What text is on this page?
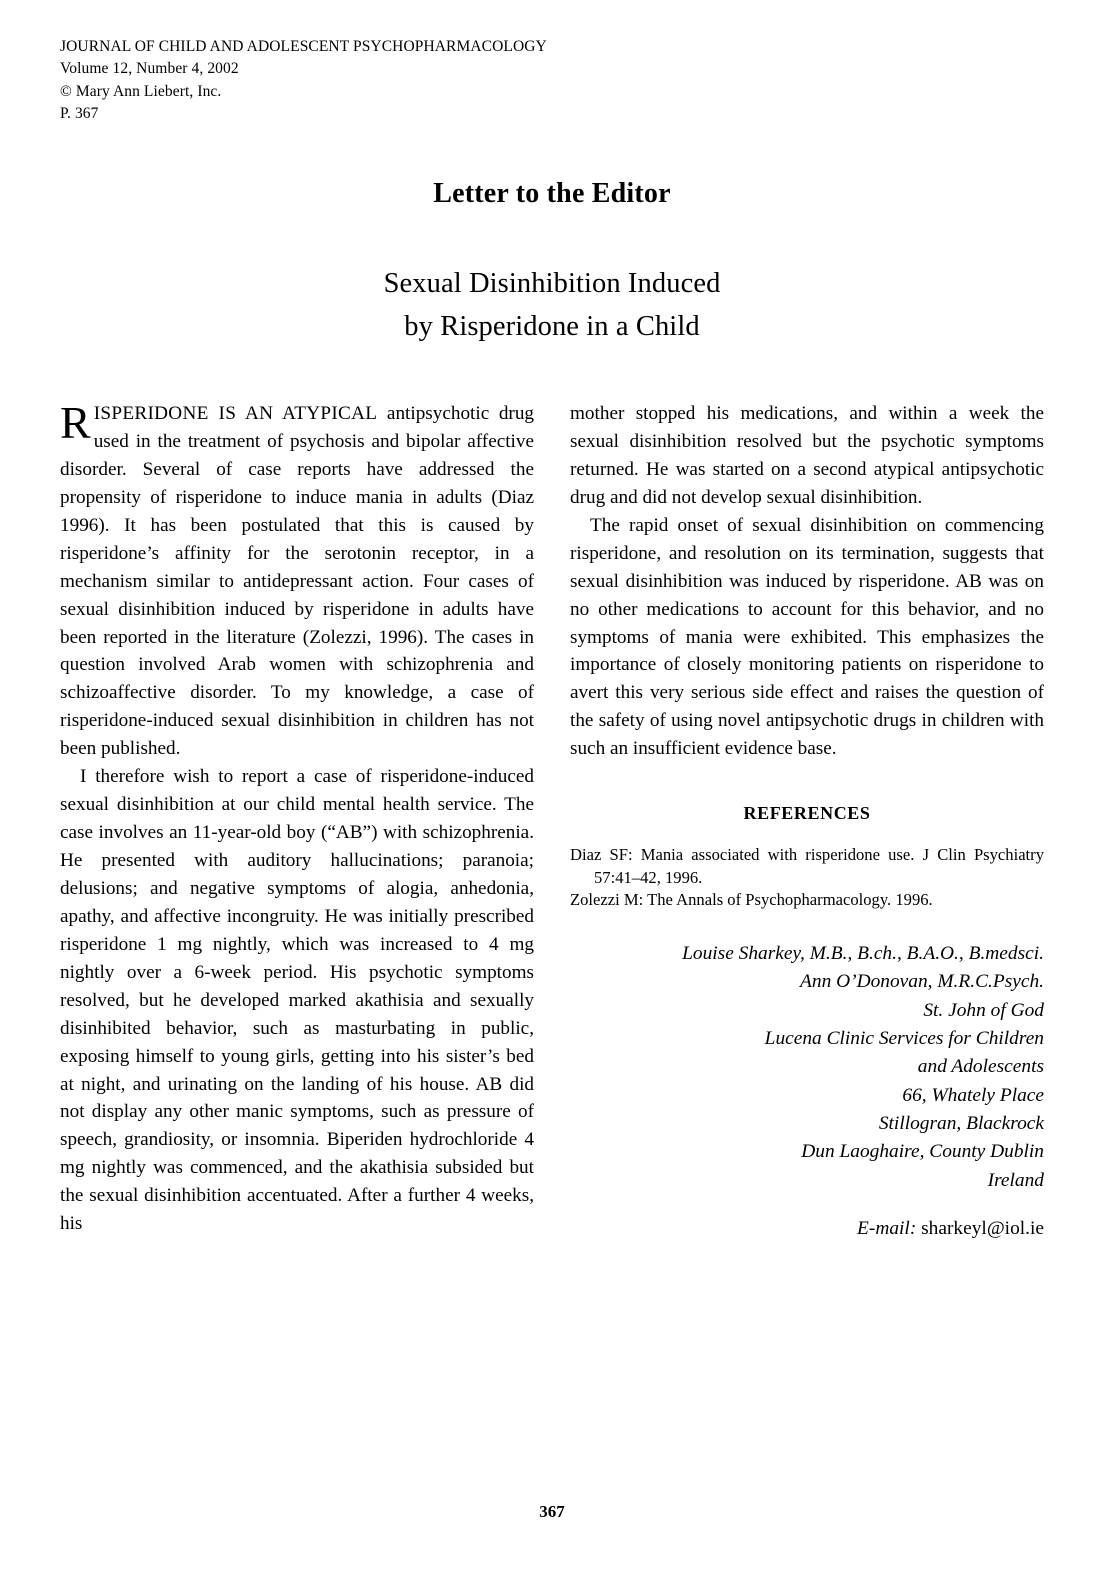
JOURNAL OF CHILD AND ADOLESCENT PSYCHOPHARMACOLOGY
Volume 12, Number 4, 2002
© Mary Ann Liebert, Inc.
P. 367
Letter to the Editor
Sexual Disinhibition Induced
by Risperidone in a Child

RISPERIDONE IS AN ATYPICAL antipsychotic drug used in the treatment of psychosis and bipolar affective disorder. Several of case reports have addressed the propensity of risperidone to induce mania in adults (Diaz 1996). It has been postulated that this is caused by risperidone’s affinity for the serotonin receptor, in a mechanism similar to antidepressant action. Four cases of sexual disinhibition induced by risperidone in adults have been reported in the literature (Zolezzi, 1996). The cases in question involved Arab women with schizophrenia and schizoaffective disorder. To my knowledge, a case of risperidone-induced sexual disinhibition in children has not been published.

I therefore wish to report a case of risperidone-induced sexual disinhibition at our child mental health service. The case involves an 11-year-old boy (“AB”) with schizophrenia. He presented with auditory hallucinations; paranoia; delusions; and negative symptoms of alogia, anhedonia, apathy, and affective incongruity. He was initially prescribed risperidone 1 mg nightly, which was increased to 4 mg nightly over a 6-week period. His psychotic symptoms resolved, but he developed marked akathisia and sexually disinhibited behavior, such as masturbating in public, exposing himself to young girls, getting into his sister’s bed at night, and urinating on the landing of his house. AB did not display any other manic symptoms, such as pressure of speech, grandiosity, or insomnia. Biperiden hydrochloride 4 mg nightly was commenced, and the akathisia subsided but the sexual disinhibition accentuated. After a further 4 weeks, his

mother stopped his medications, and within a week the sexual disinhibition resolved but the psychotic symptoms returned. He was started on a second atypical antipsychotic drug and did not develop sexual disinhibition.

The rapid onset of sexual disinhibition on commencing risperidone, and resolution on its termination, suggests that sexual disinhibition was induced by risperidone. AB was on no other medications to account for this behavior, and no symptoms of mania were exhibited. This emphasizes the importance of closely monitoring patients on risperidone to avert this very serious side effect and raises the question of the safety of using novel antipsychotic drugs in children with such an insufficient evidence base.

REFERENCES

Diaz SF: Mania associated with risperidone use. J Clin Psychiatry 57:41–42, 1996.

Zolezzi M: The Annals of Psychopharmacology. 1996.

Louise Sharkey, M.B., B.ch., B.A.O., B.medsci.

Ann O’Donovan, M.R.C.Psych.

St. John of God

Lucena Clinic Services for Children

and Adolescents

66, Whately Place

Stillogran, Blackrock

Dun Laoghaire, County Dublin

Ireland

E-mail: sharkeyl@iol.ie

367
